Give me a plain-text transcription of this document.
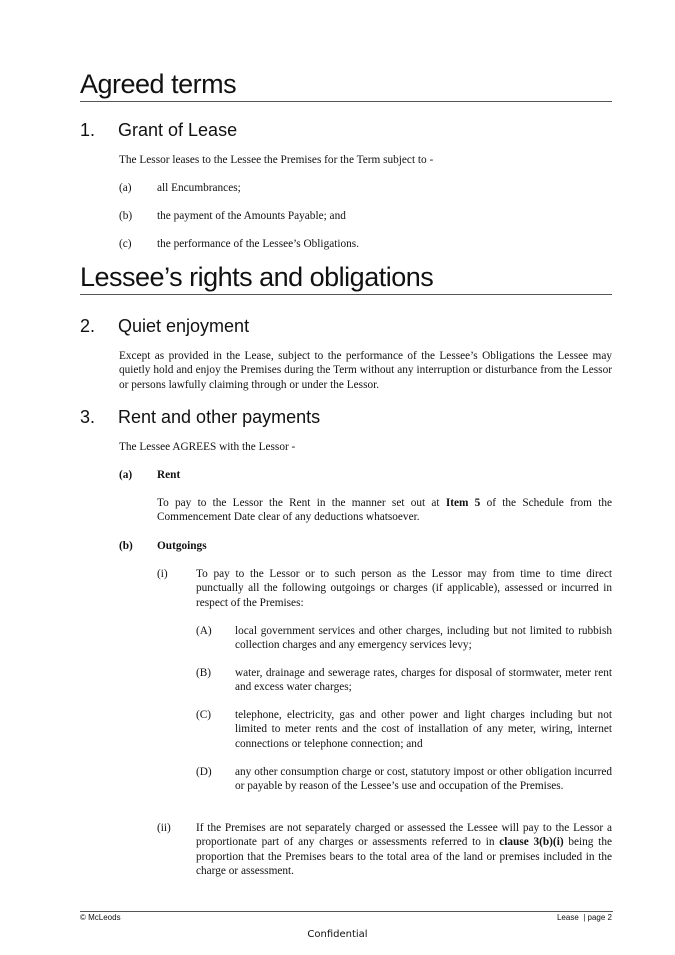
Agreed terms
1. Grant of Lease
The Lessor leases to the Lessee the Premises for the Term subject to -
(a) all Encumbrances;
(b) the payment of the Amounts Payable; and
(c) the performance of the Lessee’s Obligations.
Lessee’s rights and obligations
2. Quiet enjoyment
Except as provided in the Lease, subject to the performance of the Lessee’s Obligations the Lessee may quietly hold and enjoy the Premises during the Term without any interruption or disturbance from the Lessor or persons lawfully claiming through or under the Lessor.
3. Rent and other payments
The Lessee AGREES with the Lessor -
(a) Rent
To pay to the Lessor the Rent in the manner set out at Item 5 of the Schedule from the Commencement Date clear of any deductions whatsoever.
(b) Outgoings
(i)	To pay to the Lessor or to such person as the Lessor may from time to time direct punctually all the following outgoings or charges (if applicable), assessed or incurred in respect of the Premises:
(A) local government services and other charges, including but not limited to rubbish collection charges and any emergency services levy;
(B) water, drainage and sewerage rates, charges for disposal of stormwater, meter rent and excess water charges;
(C) telephone, electricity, gas and other power and light charges including but not limited to meter rents and the cost of installation of any meter, wiring, internet connections or telephone connection; and
(D) any other consumption charge or cost, statutory impost or other obligation incurred or payable by reason of the Lessee’s use and occupation of the Premises.
(ii) If the Premises are not separately charged or assessed the Lessee will pay to the Lessor a proportionate part of any charges or assessments referred to in clause 3(b)(i) being the proportion that the Premises bears to the total area of the land or premises included in the charge or assessment.
© McLeods	Lease  | page 2
Confidential
